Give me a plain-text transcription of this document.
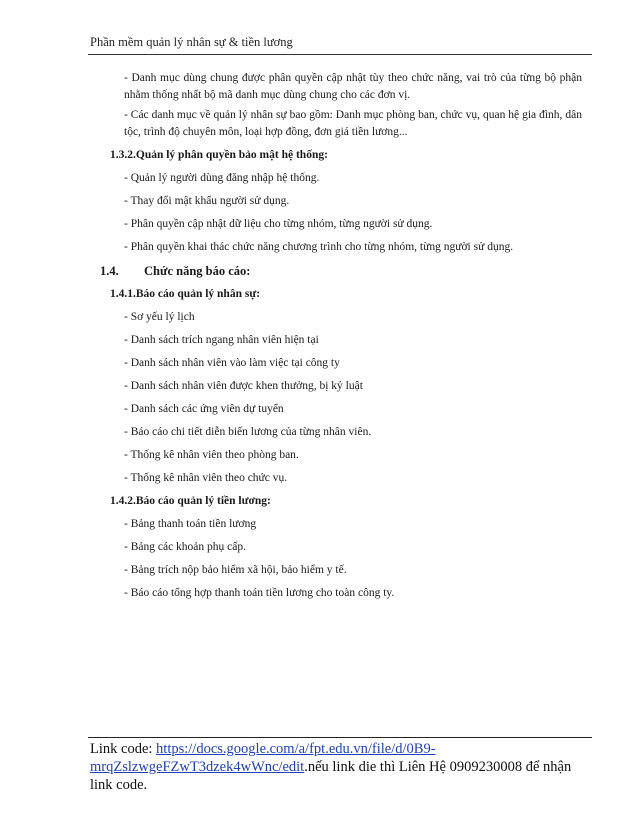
Phần mềm quản lý nhân sự & tiền lương

- Danh mục dùng chung được phân quyền cập nhật tùy theo chức năng, vai trò của từng bộ phận nhằm thống nhất bộ mã danh mục dùng chung cho các đơn vị.

- Các danh mục về quản lý nhân sự bao gồm: Danh mục phòng ban, chức vụ, quan hệ gia đình, dân tộc, trình độ chuyên môn, loại hợp đồng, đơn giá tiền lương...

1.3.2.Quản lý phân quyền bảo mật hệ thống:
- Quản lý người dùng đăng nhập hệ thống.
- Thay đổi mật khẩu người sử dụng.
- Phân quyền cập nhật dữ liệu cho từng nhóm, từng người sử dụng.
- Phân quyền khai thác chức năng chương trình cho từng nhóm, từng người sử dụng.
1.4. Chức năng báo cáo:
1.4.1.Báo cáo quản lý nhân sự:
- Sơ yếu lý lịch
- Danh sách trích ngang nhân viên hiện tại
- Danh sách nhân viên vào làm việc tại công ty
- Danh sách nhân viên được khen thưởng, bị kỷ luật
- Danh sách các ứng viên dự tuyển
- Báo cáo chi tiết diễn biến lương của từng nhân viên.
- Thống kê nhân viên theo phòng ban.
- Thống kê nhân viên theo chức vụ.
1.4.2.Báo cáo quản lý tiền lương:
- Bảng thanh toán tiền lương
- Bảng các khoản phụ cấp.
- Bảng trích nộp bảo hiểm xã hội, bảo hiểm y tế.
- Báo cáo tổng hợp thanh toán tiền lương cho toàn công ty.
Link code: https://docs.google.com/a/fpt.edu.vn/file/d/0B9-mrqZslzwgeFZwT3dzek4wWnc/edit.nếu link die thì Liên Hệ 0909230008 để nhận link code.
